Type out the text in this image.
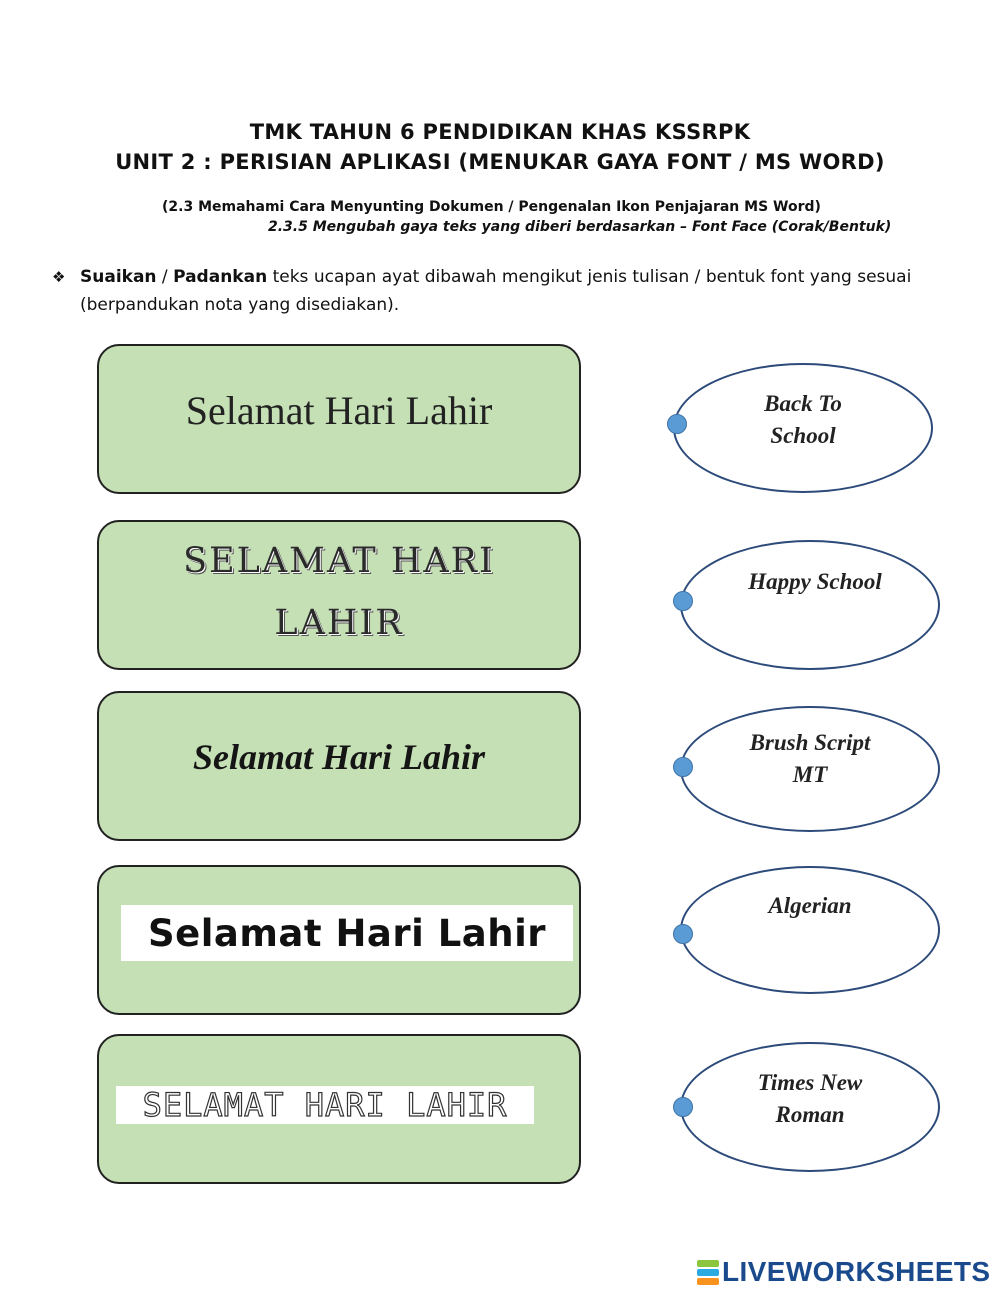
TMK TAHUN 6 PENDIDIKAN KHAS KSSRPK
UNIT 2 : PERISIAN APLIKASI (MENUKAR GAYA FONT / MS WORD)
(2.3 Memahami Cara Menyunting Dokumen / Pengenalan Ikon Penjajaran MS Word)
2.3.5 Mengubah gaya teks yang diberi berdasarkan – Font Face (Corak/Bentuk)
❖ Suaikan / Padankan teks ucapan ayat dibawah mengikut jenis tulisan / bentuk font yang sesuai
(berpandukan nota yang disediakan).
Selamat Hari Lahir
SELAMAT HARI
LAHIR
Selamat Hari Lahir
Selamat Hari Lahir
SELAMAT HARI LAHIR
Back To
School
Happy School
Brush Script
MT
Algerian
Times New
Roman
LIVEWORKSHEETS
